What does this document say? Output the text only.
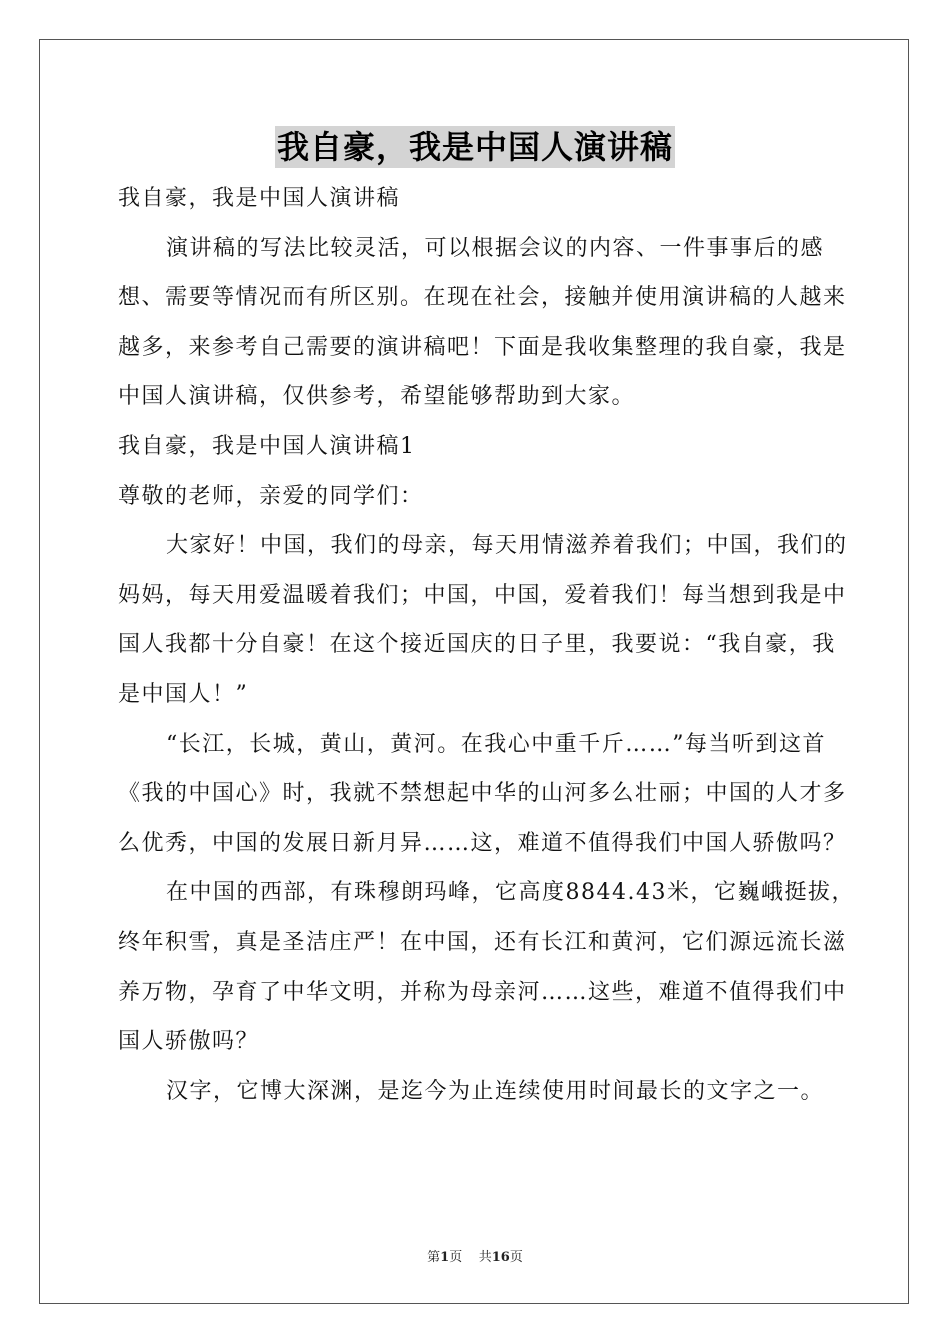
我自豪，我是中国人演讲稿

我自豪，我是中国人演讲稿

演讲稿的写法比较灵活，可以根据会议的内容、一件事事后的感想、需要等情况而有所区别。在现在社会，接触并使用演讲稿的人越来越多，来参考自己需要的演讲稿吧！下面是我收集整理的我自豪，我是中国人演讲稿，仅供参考，希望能够帮助到大家。

我自豪，我是中国人演讲稿1

尊敬的老师，亲爱的同学们：

大家好！中国，我们的母亲，每天用情滋养着我们；中国，我们的妈妈，每天用爱温暖着我们；中国，中国，爱着我们！每当想到我是中国人我都十分自豪！在这个接近国庆的日子里，我要说：“我自豪，我是中国人！”

“长江，长城，黄山，黄河。在我心中重千斤……”每当听到这首《我的中国心》时，我就不禁想起中华的山河多么壮丽；中国的人才多么优秀，中国的发展日新月异……这，难道不值得我们中国人骄傲吗？

在中国的西部，有珠穆朗玛峰，它高度8844.43米，它巍峨挺拔，终年积雪，真是圣洁庄严！在中国，还有长江和黄河，它们源远流长滋养万物，孕育了中华文明，并称为母亲河……这些，难道不值得我们中国人骄傲吗？

汉字，它博大深渊，是迄今为止连续使用时间最长的文字之一。

第1页 共16页
